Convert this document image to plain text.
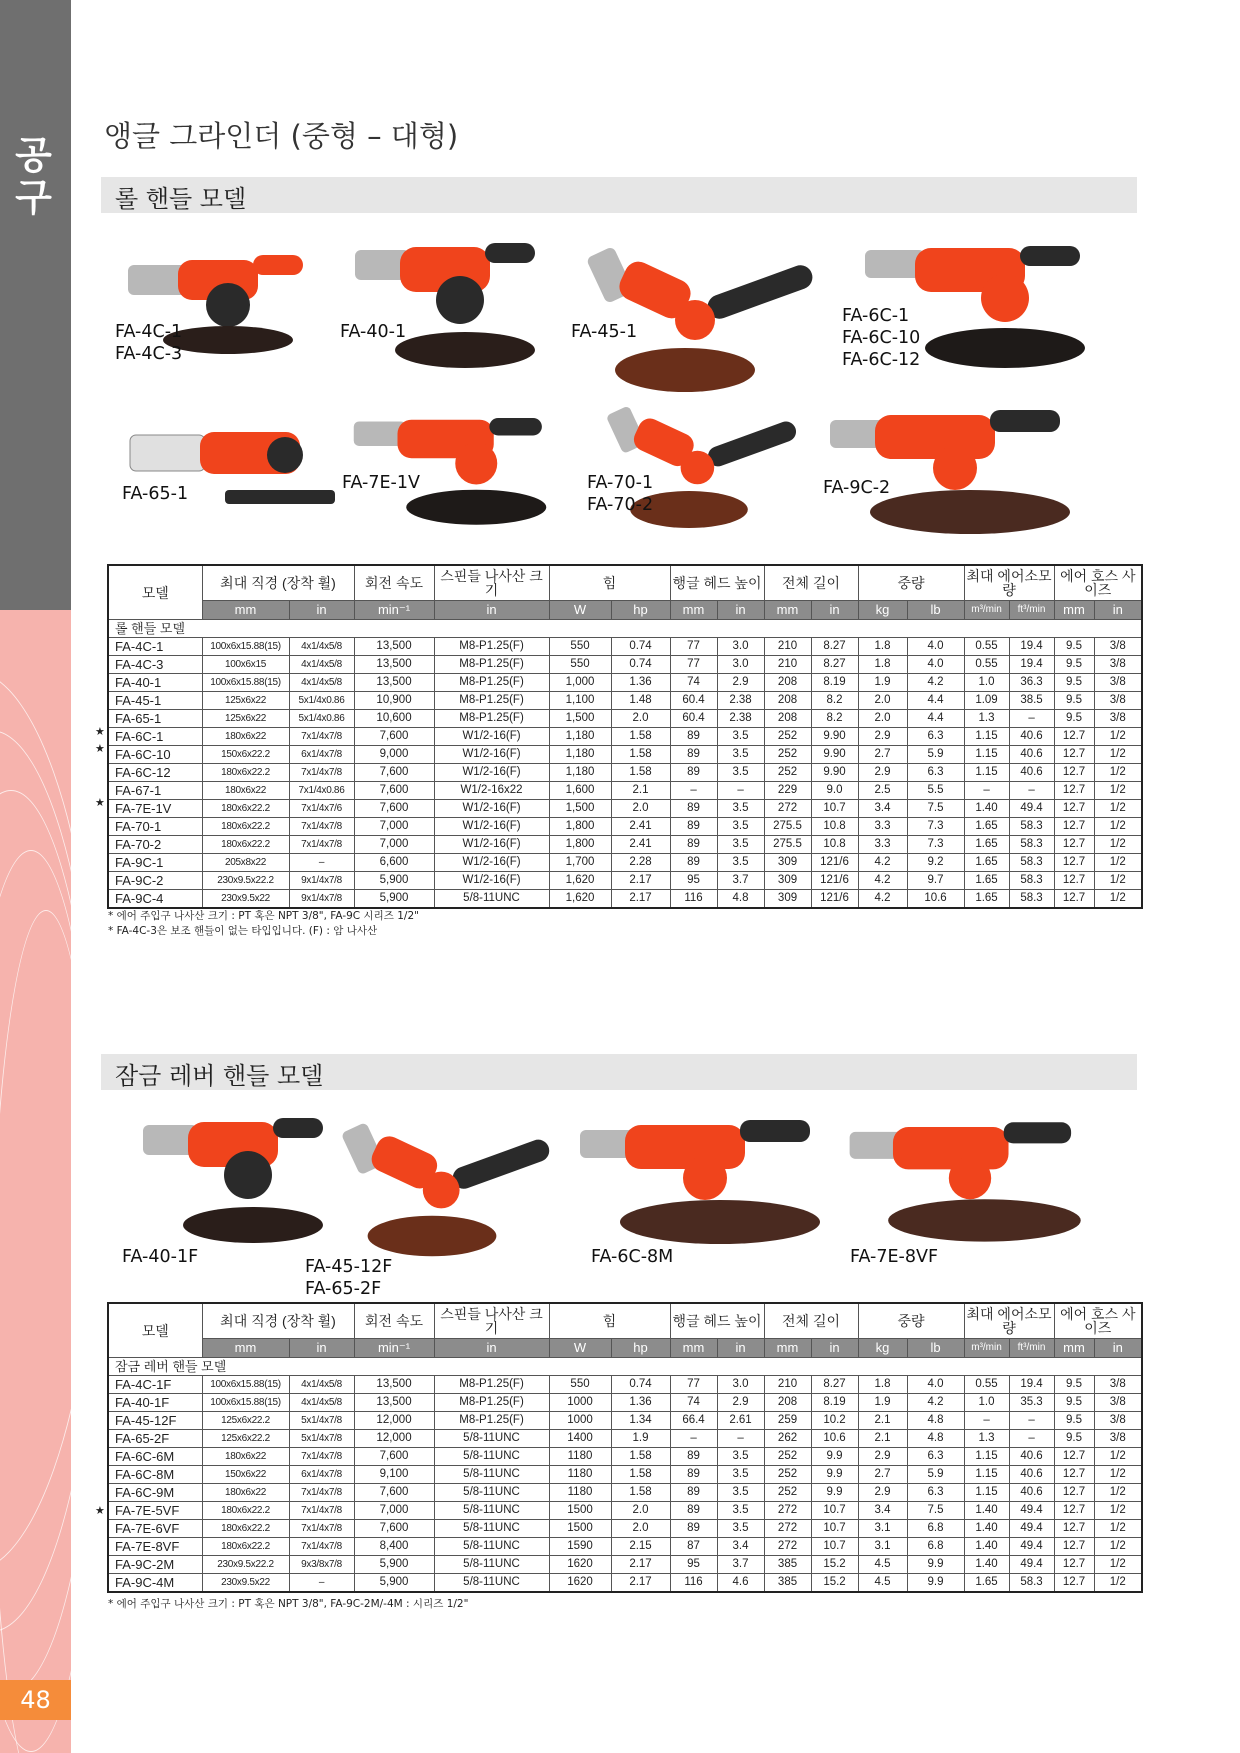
공구
48
앵글 그라인더 (중형 – 대형)
롤 핸들 모델
FA-4C-1
FA-4C-3
FA-40-1	FA-45-1
FA-6C-1
FA-6C-10
FA-6C-12
FA-65-1
FA-7E-1V	FA-70-1
FA-70-2
FA-9C-2
모델	최대 직경 (장착 휠)		회전 속도	스핀들 나사산 크기	힘		행글 헤드 높이		전체 길이		중량		최대 에어소모량		에어 호스 사이즈	
	mm	in	min⁻¹	in	W	hp	mm	in	mm	in	kg	lb	m³/min	ft³/min	mm	in
롤 핸들 모델																
FA-4C-1	100x6x15.88(15)	4x1/4x5/8	13,500	M8-P1.25(F)	550	0.74	77	3.0	210	8.27	1.8	4.0	0.55	19.4	9.5	3/8
FA-4C-3	100x6x15	4x1/4x5/8	13,500	M8-P1.25(F)	550	0.74	77	3.0	210	8.27	1.8	4.0	0.55	19.4	9.5	3/8
FA-40-1	100x6x15.88(15)	4x1/4x5/8	13,500	M8-P1.25(F)	1,000	1.36	74	2.9	208	8.19	1.9	4.2	1.0	36.3	9.5	3/8
FA-45-1	125x6x22	5x1/4x0.86	10,900	M8-P1.25(F)	1,100	1.48	60.4	2.38	208	8.2	2.0	4.4	1.09	38.5	9.5	3/8
FA-65-1	125x6x22	5x1/4x0.86	10,600	M8-P1.25(F)	1,500	2.0	60.4	2.38	208	8.2	2.0	4.4	1.3	–	9.5	3/8
FA-6C-1	180x6x22	7x1/4x7/8	7,600	W1/2-16(F)	1,180	1.58	89	3.5	252	9.90	2.9	6.3	1.15	40.6	12.7	1/2
FA-6C-10	150x6x22.2	6x1/4x7/8	9,000	W1/2-16(F)	1,180	1.58	89	3.5	252	9.90	2.7	5.9	1.15	40.6	12.7	1/2
FA-6C-12	180x6x22.2	7x1/4x7/8	7,600	W1/2-16(F)	1,180	1.58	89	3.5	252	9.90	2.9	6.3	1.15	40.6	12.7	1/2
FA-67-1	180x6x22	7x1/4x0.86	7,600	W1/2-16x22	1,600	2.1	–	–	229	9.0	2.5	5.5	–	–	12.7	1/2
FA-7E-1V	180x6x22.2	7x1/4x7/6	7,600	W1/2-16(F)	1,500	2.0	89	3.5	272	10.7	3.4	7.5	1.40	49.4	12.7	1/2
FA-70-1	180x6x22.2	7x1/4x7/8	7,000	W1/2-16(F)	1,800	2.41	89	3.5	275.5	10.8	3.3	7.3	1.65	58.3	12.7	1/2
FA-70-2	180x6x22.2	7x1/4x7/8	7,000	W1/2-16(F)	1,800	2.41	89	3.5	275.5	10.8	3.3	7.3	1.65	58.3	12.7	1/2
FA-9C-1	205x8x22	–	6,600	W1/2-16(F)	1,700	2.28	89	3.5	309	121/6	4.2	9.2	1.65	58.3	12.7	1/2
FA-9C-2	230x9.5x22.2	9x1/4x7/8	5,900	W1/2-16(F)	1,620	2.17	95	3.7	309	121/6	4.2	9.7	1.65	58.3	12.7	1/2
FA-9C-4	230x9.5x22	9x1/4x7/8	5,900	5/8-11UNC	1,620	2.17	116	4.8	309	121/6	4.2	10.6	1.65	58.3	12.7	1/2
★
★
★
* 에어 주입구 나사산 크기 : PT 혹은 NPT 3/8", FA-9C 시리즈 1/2"
* FA-4C-3은 보조 핸들이 없는 타입입니다. (F) : 암 나사산
잠금 레버 핸들 모델
FA-40-1F	FA-45-12F
FA-65-2F
FA-6C-8M	FA-7E-8VF
모델	최대 직경 (장착 휠)		회전 속도	스핀들 나사산 크기	힘		행글 헤드 높이		전체 길이		중량		최대 에어소모량		에어 호스 사이즈	
	mm	in	min⁻¹	in	W	hp	mm	in	mm	in	kg	lb	m³/min	ft³/min	mm	in
잠금 레버 핸들 모델																
FA-4C-1F	100x6x15.88(15)	4x1/4x5/8	13,500	M8-P1.25(F)	550	0.74	77	3.0	210	8.27	1.8	4.0	0.55	19.4	9.5	3/8
FA-40-1F	100x6x15.88(15)	4x1/4x5/8	13,500	M8-P1.25(F)	1000	1.36	74	2.9	208	8.19	1.9	4.2	1.0	35.3	9.5	3/8
FA-45-12F	125x6x22.2	5x1/4x7/8	12,000	M8-P1.25(F)	1000	1.34	66.4	2.61	259	10.2	2.1	4.8	–	–	9.5	3/8
FA-65-2F	125x6x22.2	5x1/4x7/8	12,000	5/8-11UNC	1400	1.9	–	–	262	10.6	2.1	4.8	1.3	–	9.5	3/8
FA-6C-6M	180x6x22	7x1/4x7/8	7,600	5/8-11UNC	1180	1.58	89	3.5	252	9.9	2.9	6.3	1.15	40.6	12.7	1/2
FA-6C-8M	150x6x22	6x1/4x7/8	9,100	5/8-11UNC	1180	1.58	89	3.5	252	9.9	2.7	5.9	1.15	40.6	12.7	1/2
FA-6C-9M	180x6x22	7x1/4x7/8	7,600	5/8-11UNC	1180	1.58	89	3.5	252	9.9	2.9	6.3	1.15	40.6	12.7	1/2
FA-7E-5VF	180x6x22.2	7x1/4x7/8	7,000	5/8-11UNC	1500	2.0	89	3.5	272	10.7	3.4	7.5	1.40	49.4	12.7	1/2
FA-7E-6VF	180x6x22.2	7x1/4x7/8	7,600	5/8-11UNC	1500	2.0	89	3.5	272	10.7	3.1	6.8	1.40	49.4	12.7	1/2
FA-7E-8VF	180x6x22.2	7x1/4x7/8	8,400	5/8-11UNC	1590	2.15	87	3.4	272	10.7	3.1	6.8	1.40	49.4	12.7	1/2
FA-9C-2M	230x9.5x22.2	9x3/8x7/8	5,900	5/8-11UNC	1620	2.17	95	3.7	385	15.2	4.5	9.9	1.40	49.4	12.7	1/2
FA-9C-4M	230x9.5x22	–	5,900	5/8-11UNC	1620	2.17	116	4.6	385	15.2	4.5	9.9	1.65	58.3	12.7	1/2
★
* 에어 주입구 나사산 크기 : PT 혹은 NPT 3/8", FA-9C-2M/-4M : 시리즈 1/2"
